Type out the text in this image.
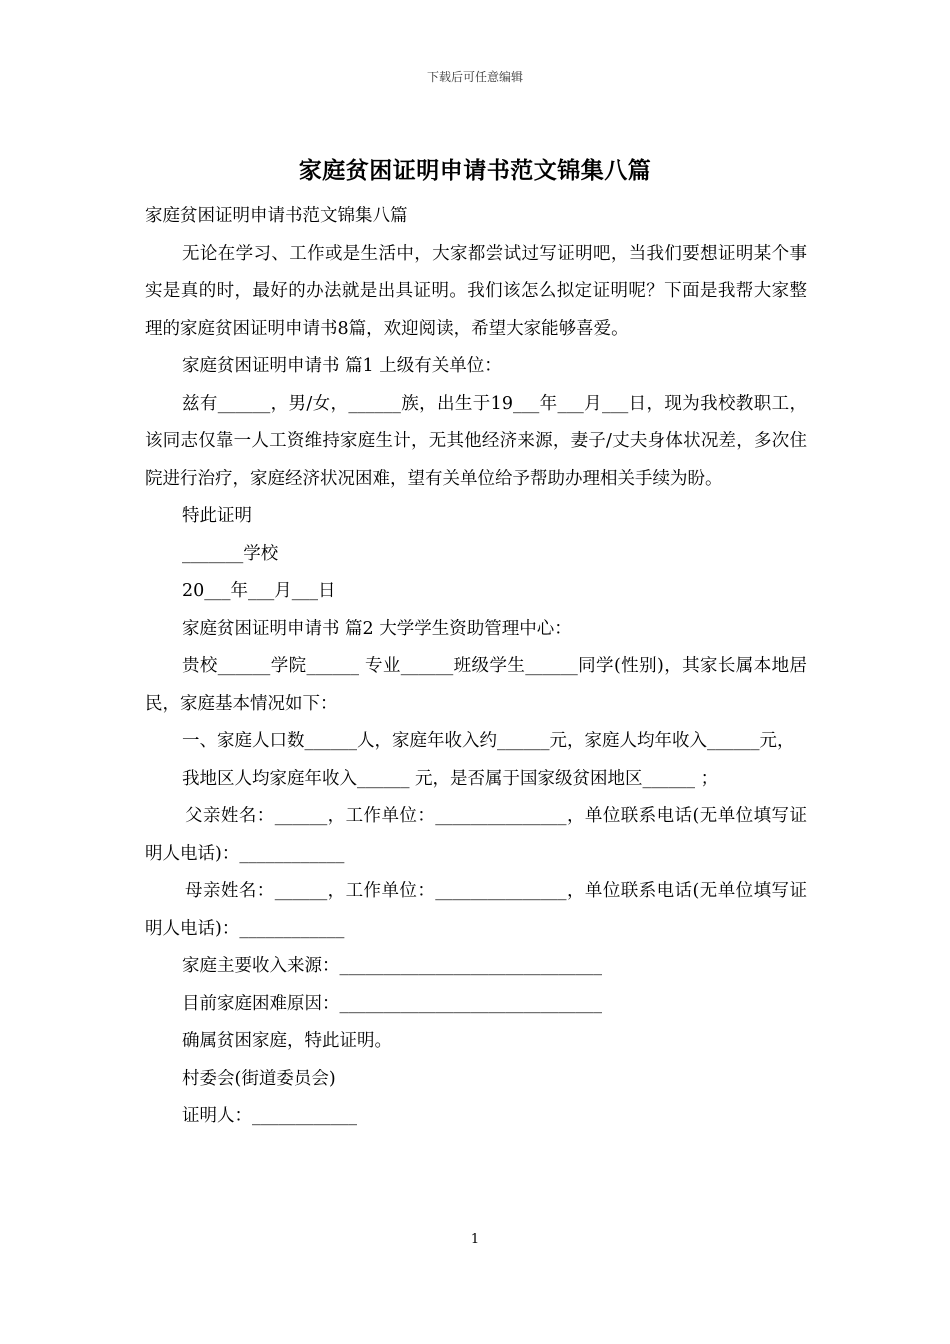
下载后可任意编辑
家庭贫困证明申请书范文锦集八篇

家庭贫困证明申请书范文锦集八篇

无论在学习、工作或是生活中，大家都尝试过写证明吧，当我们要想证明某个事实是真的时，最好的办法就是出具证明。我们该怎么拟定证明呢？下面是我帮大家整理的家庭贫困证明申请书8篇，欢迎阅读，希望大家能够喜爱。

家庭贫困证明申请书 篇1 上级有关单位：

兹有______，男/女，______族，出生于19___年___月___日，现为我校教职工，该同志仅靠一人工资维持家庭生计，无其他经济来源，妻子/丈夫身体状况差，多次住院进行治疗，家庭经济状况困难，望有关单位给予帮助办理相关手续为盼。

特此证明

_______学校

20___年___月___日

家庭贫困证明申请书 篇2 大学学生资助管理中心：

贵校______学院______ 专业______班级学生______同学(性别)，其家长属本地居民，家庭基本情况如下：

一、家庭人口数______人，家庭年收入约______元，家庭人均年收入______元，

我地区人均家庭年收入______ 元，是否属于国家级贫困地区______ ；

父亲姓名：______，工作单位：_______________，单位联系电话(无单位填写证明人电话)：____________

母亲姓名：______，工作单位：_______________，单位联系电话(无单位填写证明人电话)：____________

家庭主要收入来源：______________________________

目前家庭困难原因：______________________________

确属贫困家庭，特此证明。

村委会(街道委员会)

证明人：____________

1
